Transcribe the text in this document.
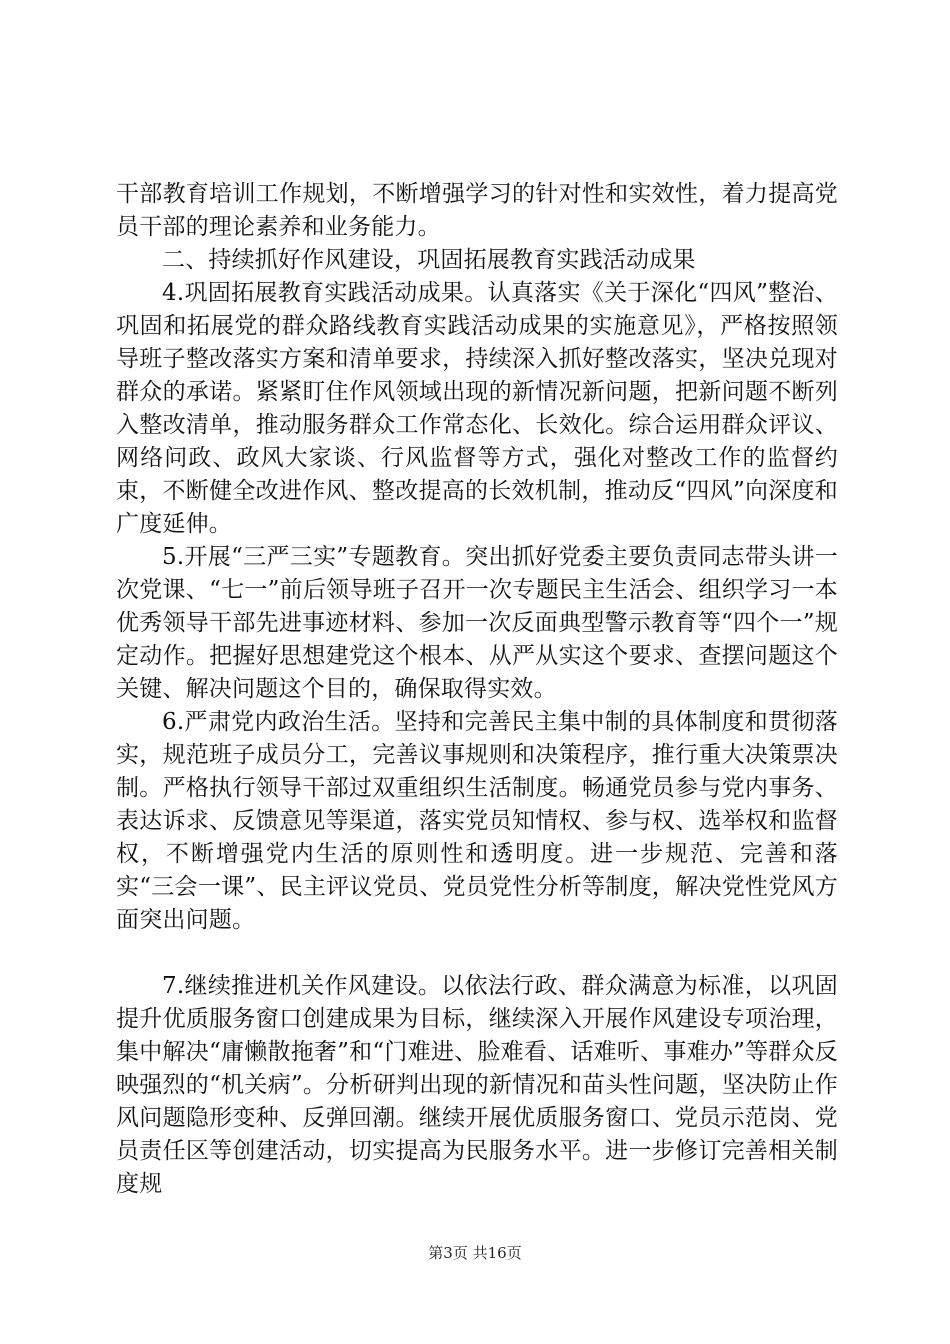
干部教育培训工作规划，不断增强学习的针对性和实效性，着力提高党员干部的理论素养和业务能力。

二、持续抓好作风建设，巩固拓展教育实践活动成果

4.巩固拓展教育实践活动成果。认真落实《关于深化“四风”整治、巩固和拓展党的群众路线教育实践活动成果的实施意见》，严格按照领导班子整改落实方案和清单要求，持续深入抓好整改落实，坚决兑现对群众的承诺。紧紧盯住作风领域出现的新情况新问题，把新问题不断列入整改清单，推动服务群众工作常态化、长效化。综合运用群众评议、网络问政、政风大家谈、行风监督等方式，强化对整改工作的监督约束，不断健全改进作风、整改提高的长效机制，推动反“四风”向深度和广度延伸。

5.开展“三严三实”专题教育。突出抓好党委主要负责同志带头讲一次党课、“七一”前后领导班子召开一次专题民主生活会、组织学习一本优秀领导干部先进事迹材料、参加一次反面典型警示教育等“四个一”规定动作。把握好思想建党这个根本、从严从实这个要求、查摆问题这个关键、解决问题这个目的，确保取得实效。

6.严肃党内政治生活。坚持和完善民主集中制的具体制度和贯彻落实，规范班子成员分工，完善议事规则和决策程序，推行重大决策票决制。严格执行领导干部过双重组织生活制度。畅通党员参与党内事务、表达诉求、反馈意见等渠道，落实党员知情权、参与权、选举权和监督权，不断增强党内生活的原则性和透明度。进一步规范、完善和落实“三会一课”、民主评议党员、党员党性分析等制度，解决党性党风方面突出问题。

7.继续推进机关作风建设。以依法行政、群众满意为标准，以巩固提升优质服务窗口创建成果为目标，继续深入开展作风建设专项治理，集中解决“庸懒散拖奢”和“门难进、脸难看、话难听、事难办”等群众反映强烈的“机关病”。分析研判出现的新情况和苗头性问题，坚决防止作风问题隐形变种、反弹回潮。继续开展优质服务窗口、党员示范岗、党员责任区等创建活动，切实提高为民服务水平。进一步修订完善相关制度规

第3页 共16页
